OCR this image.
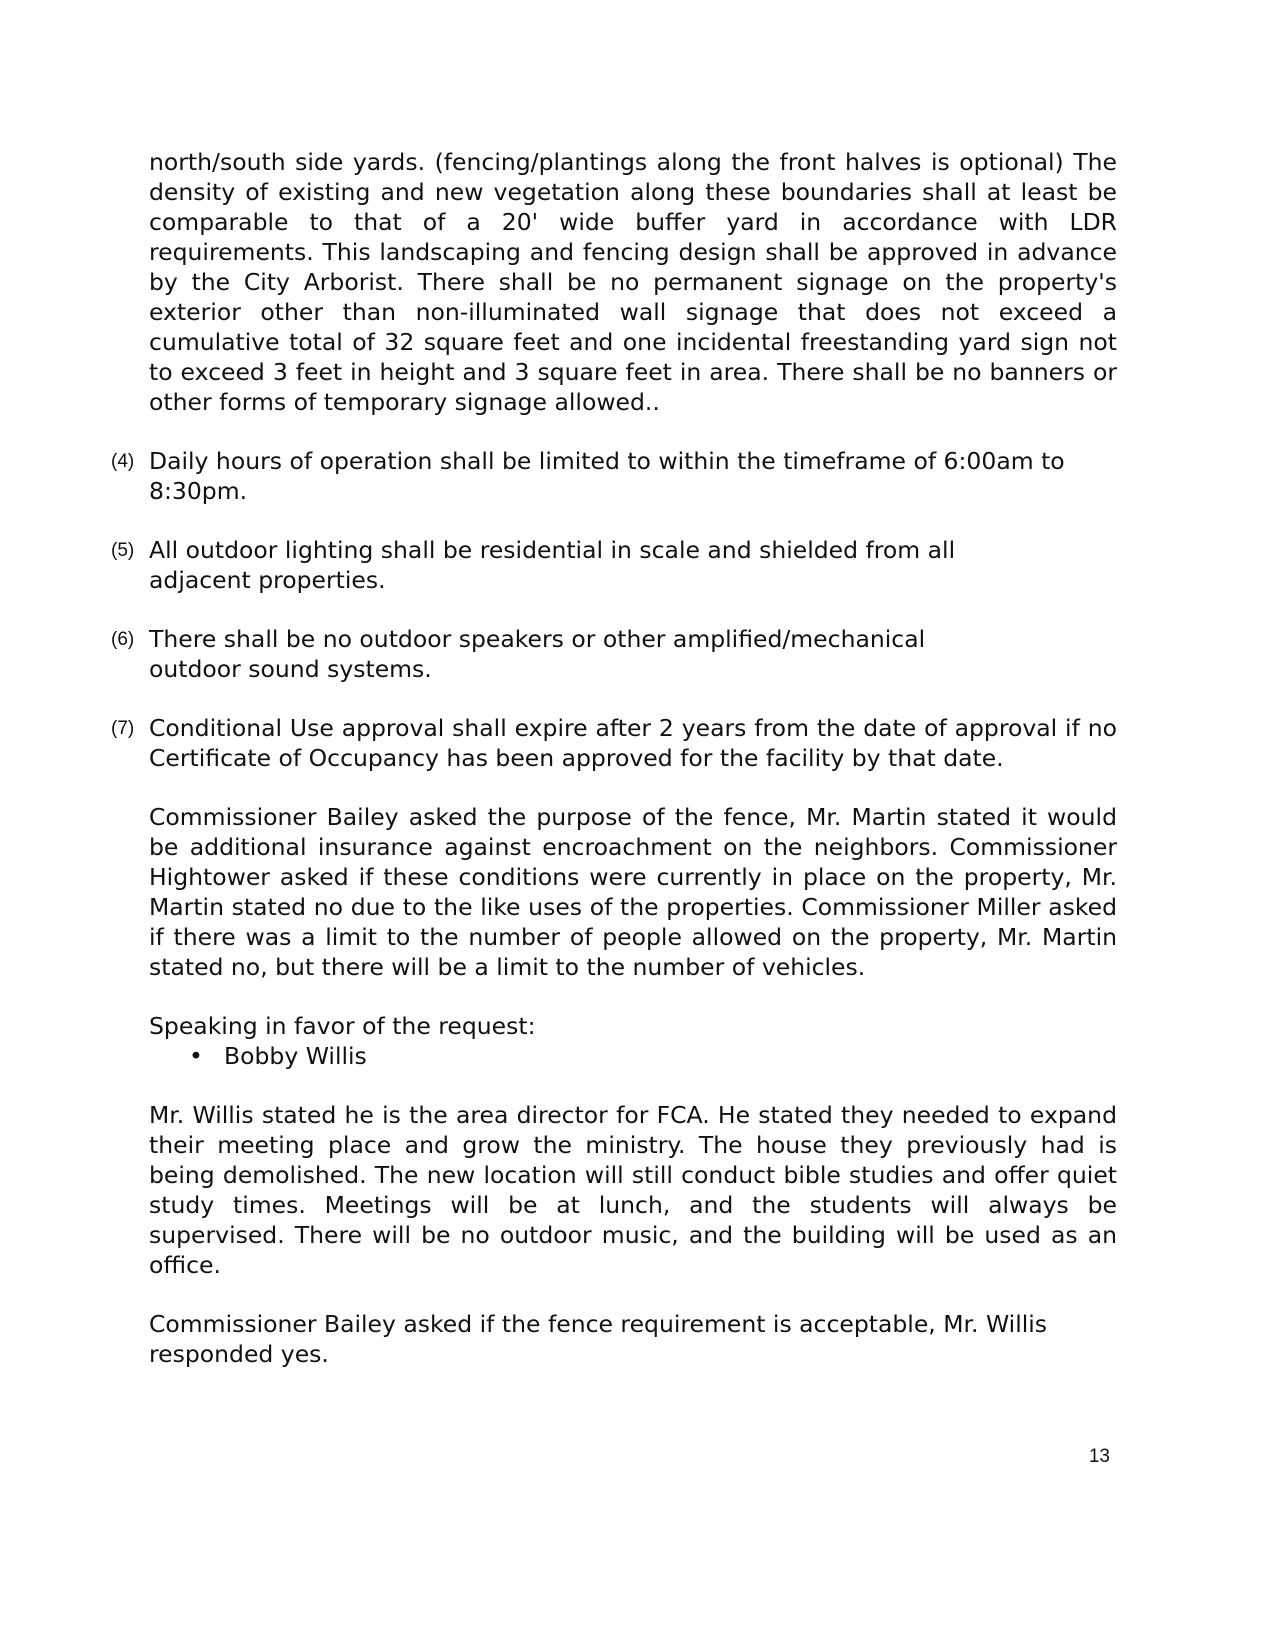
north/south side yards. (fencing/plantings along the front halves is optional) The density of existing and new vegetation along these boundaries shall at least be comparable to that of a 20' wide buffer yard in accordance with LDR requirements. This landscaping and fencing design shall be approved in advance by the City Arborist. There shall be no permanent signage on the property's exterior other than non-illuminated wall signage that does not exceed a cumulative total of 32 square feet and one incidental freestanding yard sign not to exceed 3 feet in height and 3 square feet in area. There shall be no banners or other forms of temporary signage allowed..

(4) Daily hours of operation shall be limited to within the timeframe of 6:00am to 8:30pm.

(5) All outdoor lighting shall be residential in scale and shielded from all adjacent properties.

(6) There shall be no outdoor speakers or other amplified/mechanical outdoor sound systems.

(7) Conditional Use approval shall expire after 2 years from the date of approval if no Certificate of Occupancy has been approved for the facility by that date.

Commissioner Bailey asked the purpose of the fence, Mr. Martin stated it would be additional insurance against encroachment on the neighbors. Commissioner Hightower asked if these conditions were currently in place on the property, Mr. Martin stated no due to the like uses of the properties. Commissioner Miller asked if there was a limit to the number of people allowed on the property, Mr. Martin stated no, but there will be a limit to the number of vehicles.

Speaking in favor of the request:

• Bobby Willis

Mr. Willis stated he is the area director for FCA. He stated they needed to expand their meeting place and grow the ministry. The house they previously had is being demolished. The new location will still conduct bible studies and offer quiet study times. Meetings will be at lunch, and the students will always be supervised. There will be no outdoor music, and the building will be used as an office.

Commissioner Bailey asked if the fence requirement is acceptable, Mr. Willis responded yes.

13
